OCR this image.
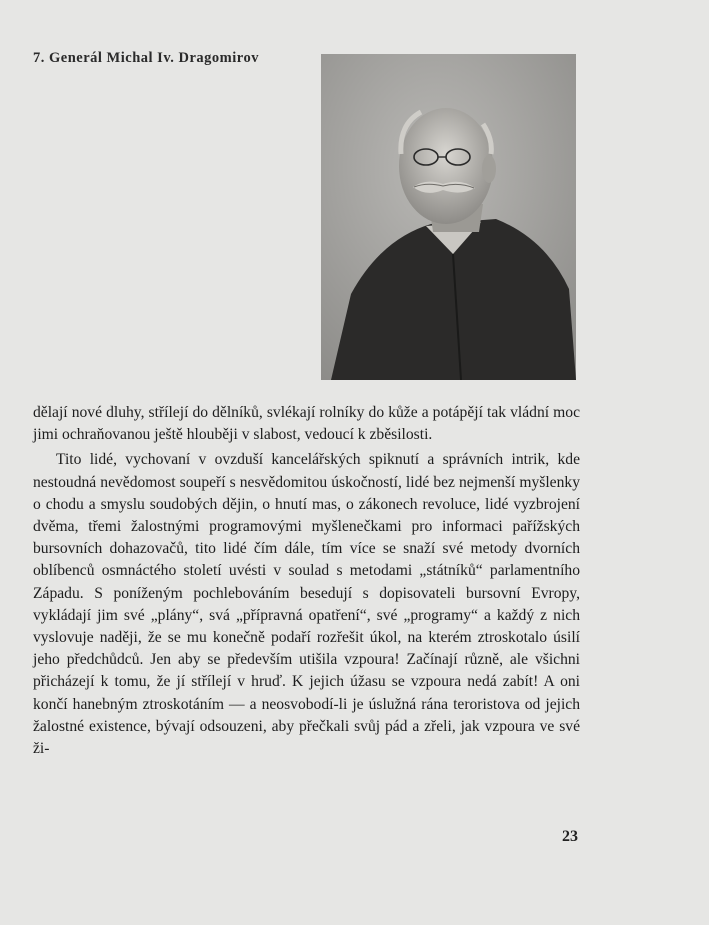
7. Generál Michal Iv. Dragomirov

dělají nové dluhy, střílejí do dělníků, svlékají rolníky do kůže a potápějí tak vládní moc jimi ochraňovanou ještě hlouběji v slabost, vedoucí k zběsilosti.

Tito lidé, vychovaní v ovzduší kancelářských spiknutí a správních intrik, kde nestoudná nevědomost soupeří s nesvědomitou úskočností, lidé bez nejmenší myšlenky o chodu a smyslu soudobých dějin, o hnutí mas, o zákonech revoluce, lidé vyzbrojení dvěma, třemi žalostnými programovými myšlenečkami pro informaci pařížských bursovních dohazovačů, tito lidé čím dále, tím více se snaží své metody dvorních oblíbenců osmnáctého století uvésti v soulad s metodami „státníků“ parlamentního Západu. S poníženým pochlebováním besedují s dopisovateli bursovní Evropy, vykládají jim své „plány“, svá „přípravná opatření“, své „programy“ a každý z nich vyslovuje naději, že se mu konečně podaří rozřešit úkol, na kterém ztroskotalo úsilí jeho předchůdců. Jen aby se především utišila vzpoura! Začínají různě, ale všichni přicházejí k tomu, že jí střílejí v hruď. K jejich úžasu se vzpoura nedá zabít! A oni končí hanebným ztroskotáním — a neosvobodí-li je úslužná rána teroristova od jejich žalostné existence, bývají odsouzeni, aby přečkali svůj pád a zřeli, jak vzpoura ve své ži-

23
